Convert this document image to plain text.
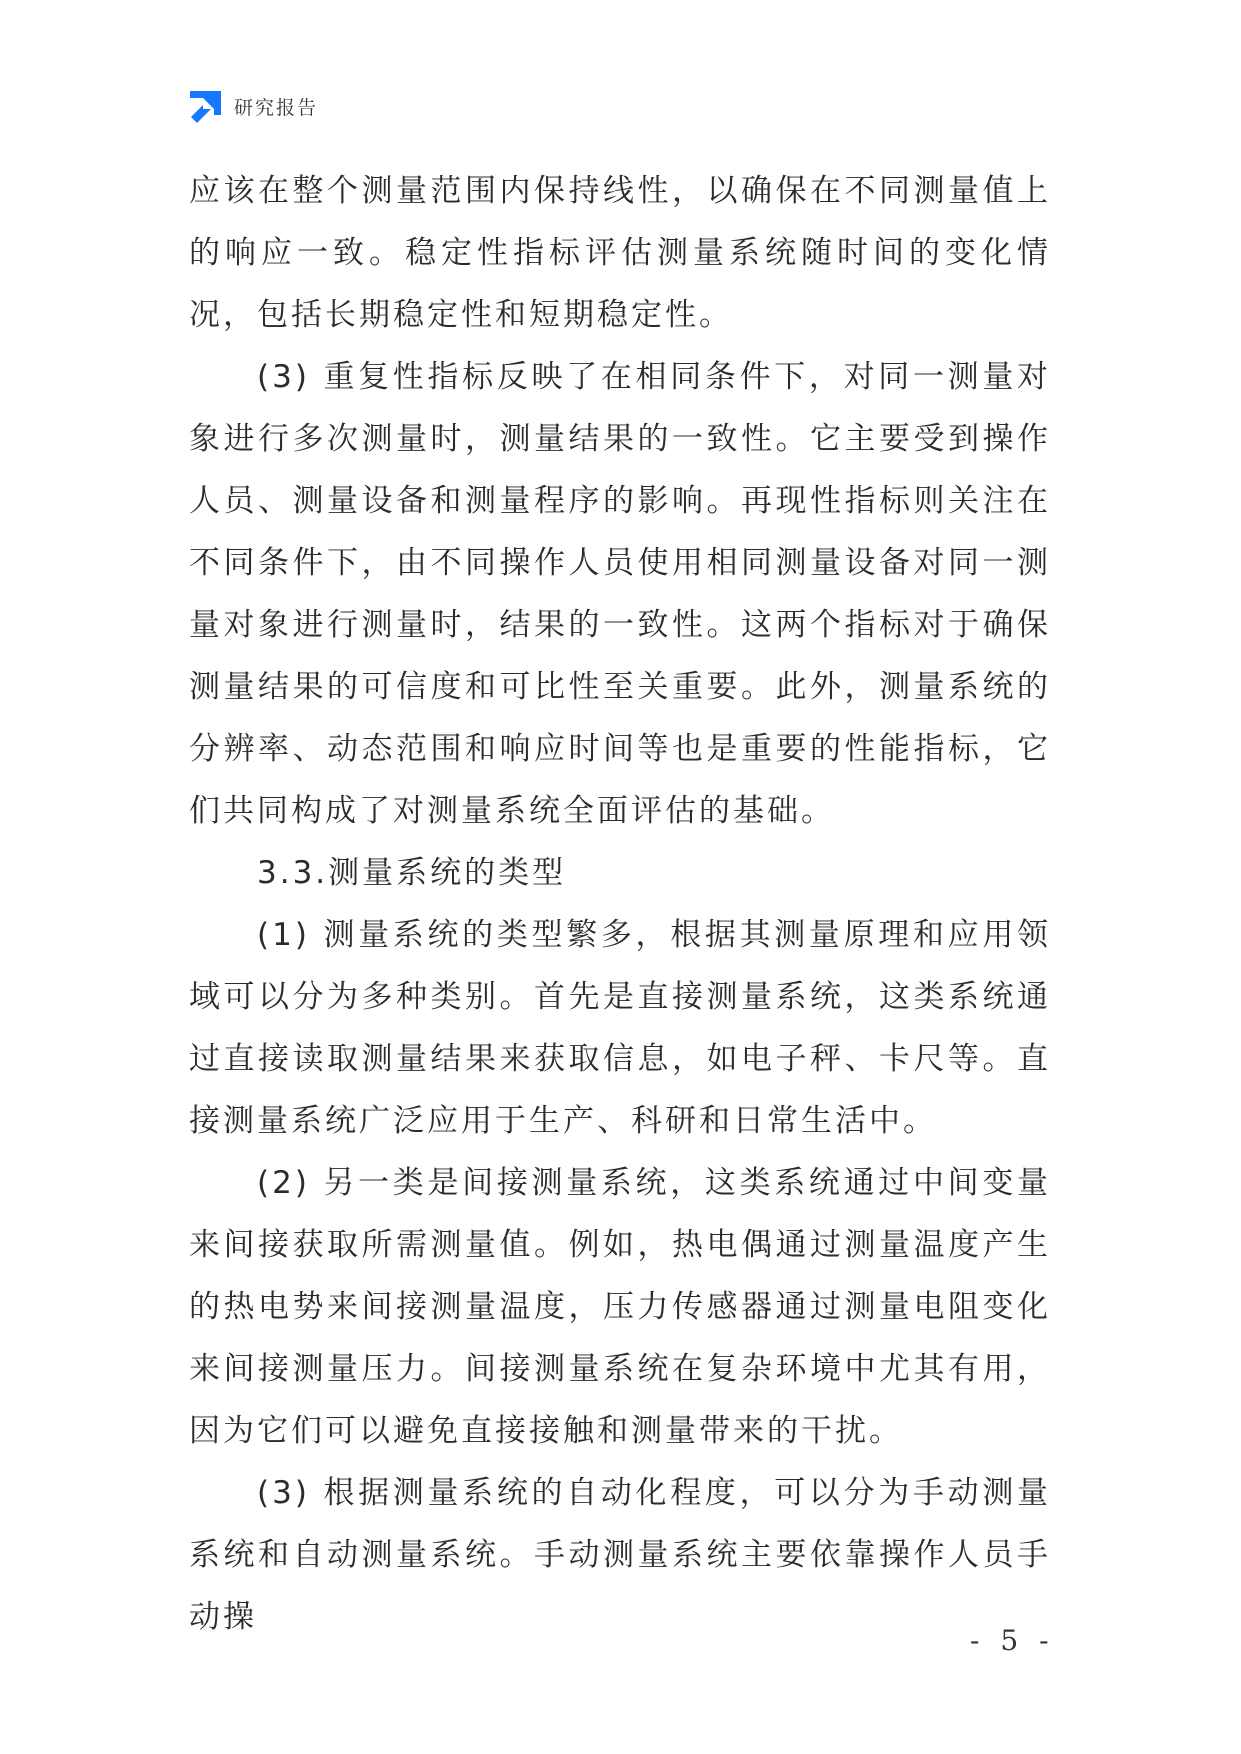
研究报告

应该在整个测量范围内保持线性，以确保在不同测量值上的响应一致。稳定性指标评估测量系统随时间的变化情况，包括长期稳定性和短期稳定性。

(3) 重复性指标反映了在相同条件下，对同一测量对象进行多次测量时，测量结果的一致性。它主要受到操作人员、测量设备和测量程序的影响。再现性指标则关注在不同条件下，由不同操作人员使用相同测量设备对同一测量对象进行测量时，结果的一致性。这两个指标对于确保测量结果的可信度和可比性至关重要。此外，测量系统的分辨率、动态范围和响应时间等也是重要的性能指标，它们共同构成了对测量系统全面评估的基础。

3.3.测量系统的类型

(1) 测量系统的类型繁多，根据其测量原理和应用领域可以分为多种类别。首先是直接测量系统，这类系统通过直接读取测量结果来获取信息，如电子秤、卡尺等。直接测量系统广泛应用于生产、科研和日常生活中。

(2) 另一类是间接测量系统，这类系统通过中间变量来间接获取所需测量值。例如，热电偶通过测量温度产生的热电势来间接测量温度，压力传感器通过测量电阻变化来间接测量压力。间接测量系统在复杂环境中尤其有用，因为它们可以避免直接接触和测量带来的干扰。

(3) 根据测量系统的自动化程度，可以分为手动测量系统和自动测量系统。手动测量系统主要依靠操作人员手动操

- 5 -
